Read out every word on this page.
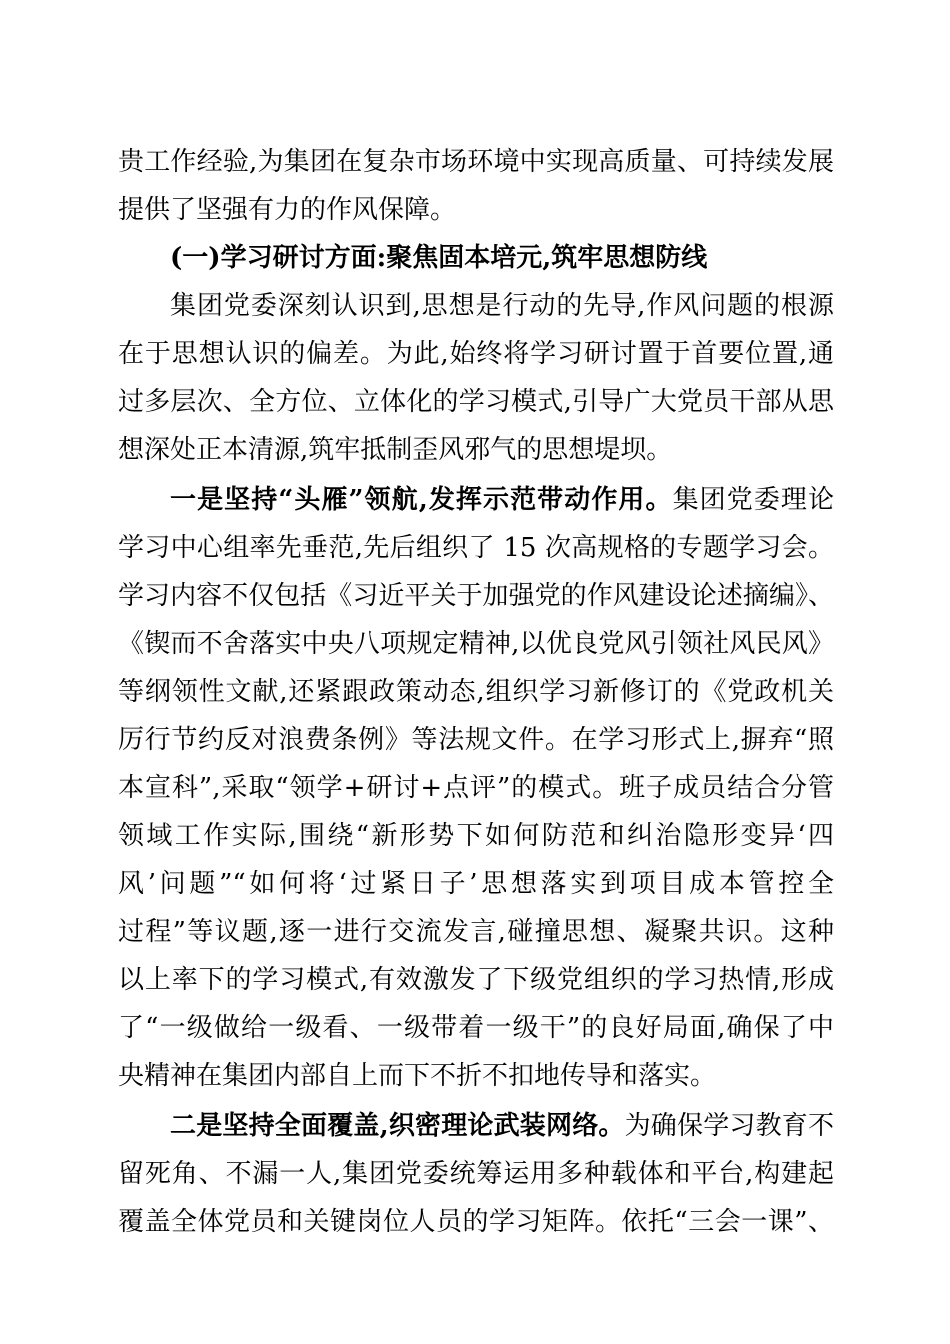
贵工作经验,为集团在复杂市场环境中实现高质量、可持续发展
提供了坚强有力的作风保障。
(一)学习研讨方面:聚焦固本培元,筑牢思想防线
集团党委深刻认识到,思想是行动的先导,作风问题的根源
在于思想认识的偏差。为此,始终将学习研讨置于首要位置,通
过多层次、全方位、立体化的学习模式,引导广大党员干部从思
想深处正本清源,筑牢抵制歪风邪气的思想堤坝。
一是坚持“头雁”领航,发挥示范带动作用。集团党委理论
学习中心组率先垂范,先后组织了 15 次高规格的专题学习会。
学习内容不仅包括《习近平关于加强党的作风建设论述摘编》、
《锲而不舍落实中央八项规定精神,以优良党风引领社风民风》
等纲领性文献,还紧跟政策动态,组织学习新修订的《党政机关
厉行节约反对浪费条例》等法规文件。在学习形式上,摒弃“照
本宣科”,采取“领学+研讨+点评”的模式。班子成员结合分管
领域工作实际,围绕“新形势下如何防范和纠治隐形变异‘四
风’问题”“如何将‘过紧日子’思想落实到项目成本管控全
过程”等议题,逐一进行交流发言,碰撞思想、凝聚共识。这种
以上率下的学习模式,有效激发了下级党组织的学习热情,形成
了“一级做给一级看、一级带着一级干”的良好局面,确保了中
央精神在集团内部自上而下不折不扣地传导和落实。
二是坚持全面覆盖,织密理论武装网络。为确保学习教育不
留死角、不漏一人,集团党委统筹运用多种载体和平台,构建起
覆盖全体党员和关键岗位人员的学习矩阵。依托“三会一课”、
